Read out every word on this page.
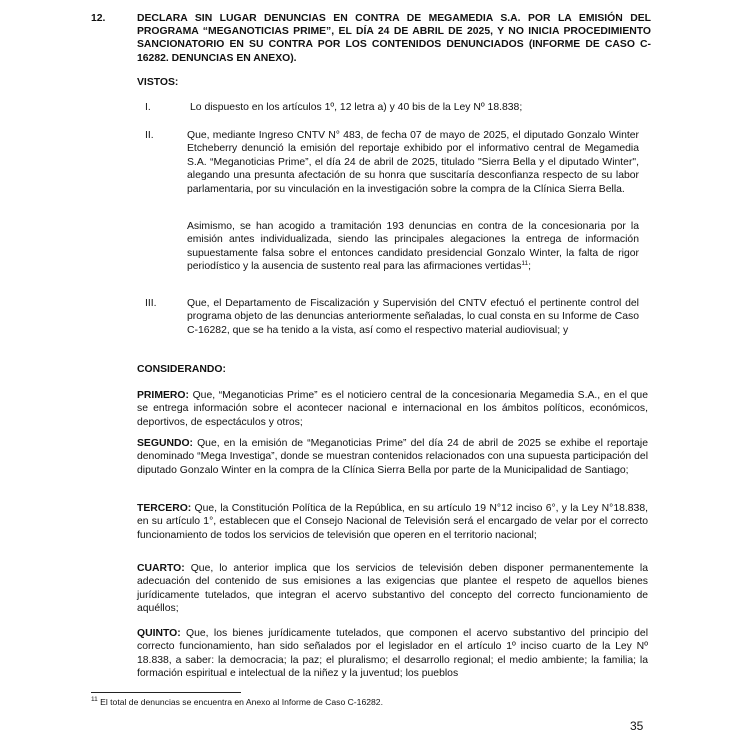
12.	DECLARA SIN LUGAR DENUNCIAS EN CONTRA DE MEGAMEDIA S.A. POR LA EMISIÓN DEL PROGRAMA “MEGANOTICIAS PRIME”, EL DÍA 24 DE ABRIL DE 2025, Y NO INICIA PROCEDIMIENTO SANCIONATORIO EN SU CONTRA POR LOS CONTENIDOS DENUNCIADOS (INFORME DE CASO C-16282. DENUNCIAS EN ANEXO).
VISTOS:
I.	Lo dispuesto en los artículos 1º, 12 letra a) y 40 bis de la Ley Nº 18.838;
II.	Que, mediante Ingreso CNTV N° 483, de fecha 07 de mayo de 2025, el diputado Gonzalo Winter Etcheberry denunció la emisión del reportaje exhibido por el informativo central de Megamedia S.A. “Meganoticias Prime”, el día 24 de abril de 2025, titulado "Sierra Bella y el diputado Winter", alegando una presunta afectación de su honra que suscitaría desconfianza respecto de su labor parlamentaria, por su vinculación en la investigación sobre la compra de la Clínica Sierra Bella.
Asimismo, se han acogido a tramitación 193 denuncias en contra de la concesionaria por la emisión antes individualizada, siendo las principales alegaciones la entrega de información supuestamente falsa sobre el entonces candidato presidencial Gonzalo Winter, la falta de rigor periodístico y la ausencia de sustento real para las afirmaciones vertidas$^{11}$;
III.	Que, el Departamento de Fiscalización y Supervisión del CNTV efectuó el pertinente control del programa objeto de las denuncias anteriormente señaladas, lo cual consta en su Informe de Caso C-16282, que se ha tenido a la vista, así como el respectivo material audiovisual; y
CONSIDERANDO:
PRIMERO: Que, “Meganoticias Prime” es el noticiero central de la concesionaria Megamedia S.A., en el que se entrega información sobre el acontecer nacional e internacional en los ámbitos políticos, económicos, deportivos, de espectáculos y otros;
SEGUNDO: Que, en la emisión de “Meganoticias Prime” del día 24 de abril de 2025 se exhibe el reportaje denominado “Mega Investiga”, donde se muestran contenidos relacionados con una supuesta participación del diputado Gonzalo Winter en la compra de la Clínica Sierra Bella por parte de la Municipalidad de Santiago;
TERCERO: Que, la Constitución Política de la República, en su artículo 19 N°12 inciso 6°, y la Ley N°18.838, en su artículo 1°, establecen que el Consejo Nacional de Televisión será el encargado de velar por el correcto funcionamiento de todos los servicios de televisión que operen en el territorio nacional;
CUARTO: Que, lo anterior implica que los servicios de televisión deben disponer permanentemente la adecuación del contenido de sus emisiones a las exigencias que plantee el respeto de aquellos bienes jurídicamente tutelados, que integran el acervo substantivo del concepto del correcto funcionamiento de aquéllos;
QUINTO: Que, los bienes jurídicamente tutelados, que componen el acervo substantivo del principio del correcto funcionamiento, han sido señalados por el legislador en el artículo 1º inciso cuarto de la Ley Nº 18.838, a saber: la democracia; la paz; el pluralismo; el desarrollo regional; el medio ambiente; la familia; la formación espiritual e intelectual de la niñez y la juventud; los pueblos
$^{11}$ El total de denuncias se encuentra en Anexo al Informe de Caso C-16282.
35
